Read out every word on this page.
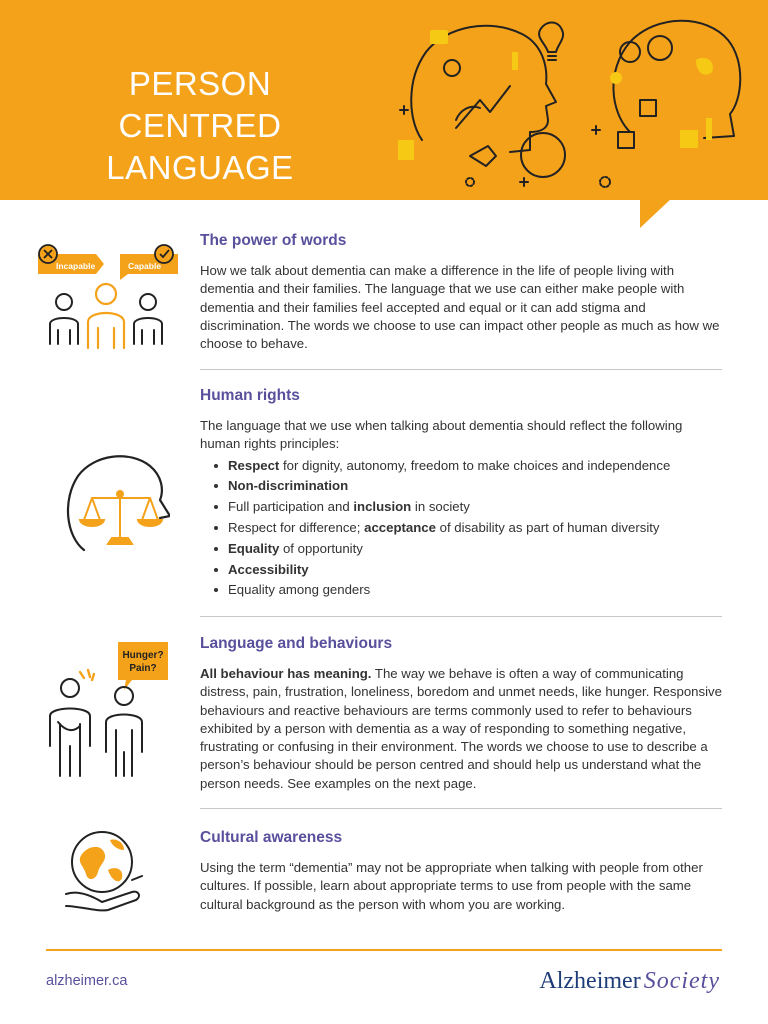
PERSON CENTRED
LANGUAGE
Incapable	Capable
The power of words

How we talk about dementia can make a difference in the life of people living with dementia and their families. The language that we use can either make people with dementia and their families feel accepted and equal or it can add stigma and discrimination. The words we choose to use can impact other people as much as how we choose to behave.

Human rights

The language that we use when talking about dementia should reflect the following human rights principles:

Respect for dignity, autonomy, freedom to make choices and independence
Non-discrimination
Full participation and inclusion in society
Respect for difference; acceptance of disability as part of human diversity
Equality of opportunity
Accessibility
Equality among genders
Hunger?
Pain?
Language and behaviours

All behaviour has meaning. The way we behave is often a way of communicating distress, pain, frustration, loneliness, boredom and unmet needs, like hunger. Responsive behaviours and reactive behaviours are terms commonly used to refer to behaviours exhibited by a person with dementia as a way of responding to something negative, frustrating or confusing in their environment. The words we choose to use to describe a person’s behaviour should be person centred and should help us understand what the person needs. See examples on the next page.

Cultural awareness

Using the term “dementia” may not be appropriate when talking with people from other cultures. If possible, learn about appropriate terms to use from people with the same cultural background as the person with whom you are working.

alzheimer.ca	Alzheimer Society
